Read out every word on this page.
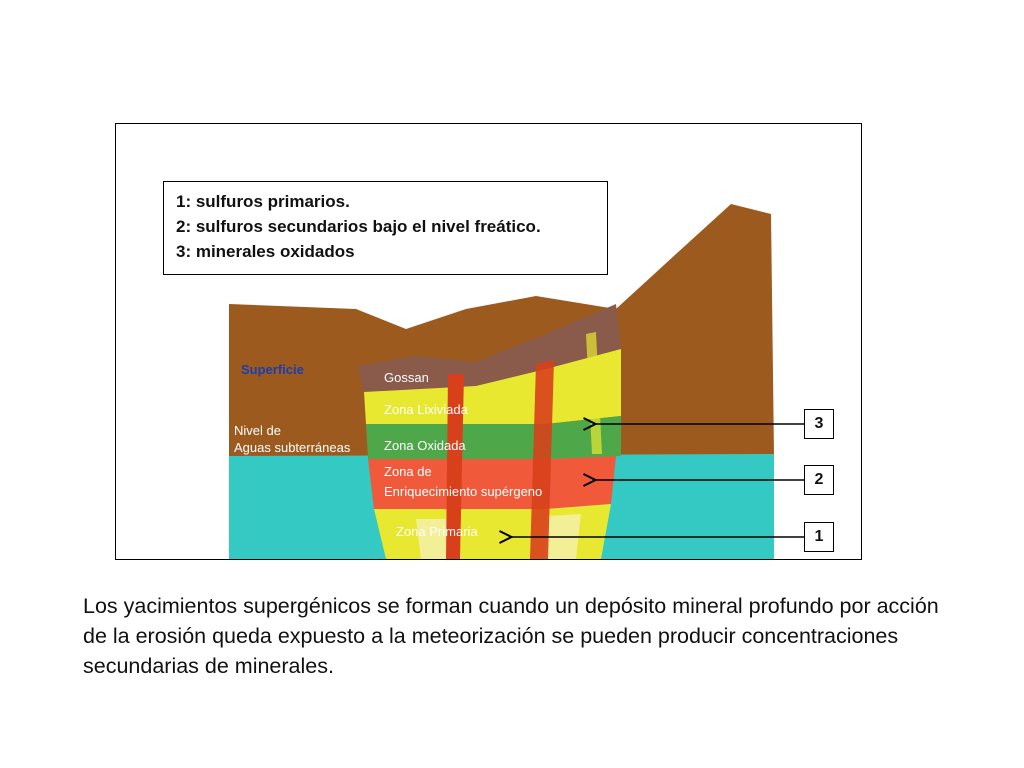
Superficie
Nivel de
Aguas subterráneas
Gossan
Zona Lixiviada
Zona Oxidada
Zona de
Enriquecimiento supérgeno
Zona Primaria
1: sulfuros primarios.
2: sulfuros secundarios bajo el nivel freático.
3: minerales oxidados
3
2
1
Los yacimientos supergénicos se forman cuando un depósito mineral profundo por acción de la erosión queda expuesto a la meteorización se pueden producir concentraciones secundarias de minerales.
